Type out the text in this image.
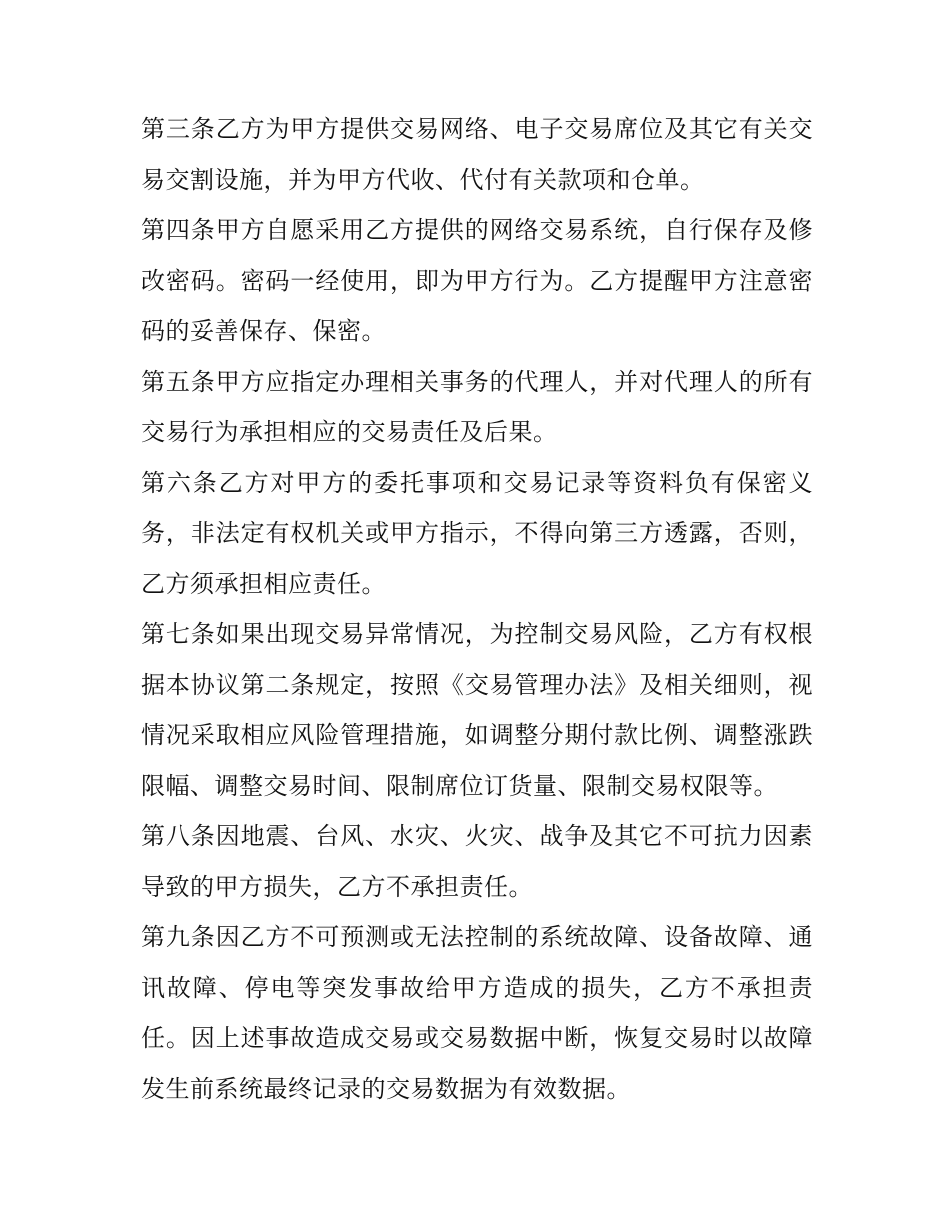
第三条乙方为甲方提供交易网络、电子交易席位及其它有关交易交割设施，并为甲方代收、代付有关款项和仓单。

第四条甲方自愿采用乙方提供的网络交易系统，自行保存及修改密码。密码一经使用，即为甲方行为。乙方提醒甲方注意密码的妥善保存、保密。

第五条甲方应指定办理相关事务的代理人，并对代理人的所有交易行为承担相应的交易责任及后果。

第六条乙方对甲方的委托事项和交易记录等资料负有保密义务，非法定有权机关或甲方指示，不得向第三方透露，否则，乙方须承担相应责任。

第七条如果出现交易异常情况，为控制交易风险，乙方有权根据本协议第二条规定，按照《交易管理办法》及相关细则，视情况采取相应风险管理措施，如调整分期付款比例、调整涨跌限幅、调整交易时间、限制席位订货量、限制交易权限等。

第八条因地震、台风、水灾、火灾、战争及其它不可抗力因素导致的甲方损失，乙方不承担责任。

第九条因乙方不可预测或无法控制的系统故障、设备故障、通讯故障、停电等突发事故给甲方造成的损失，乙方不承担责任。因上述事故造成交易或交易数据中断，恢复交易时以故障发生前系统最终记录的交易数据为有效数据。
